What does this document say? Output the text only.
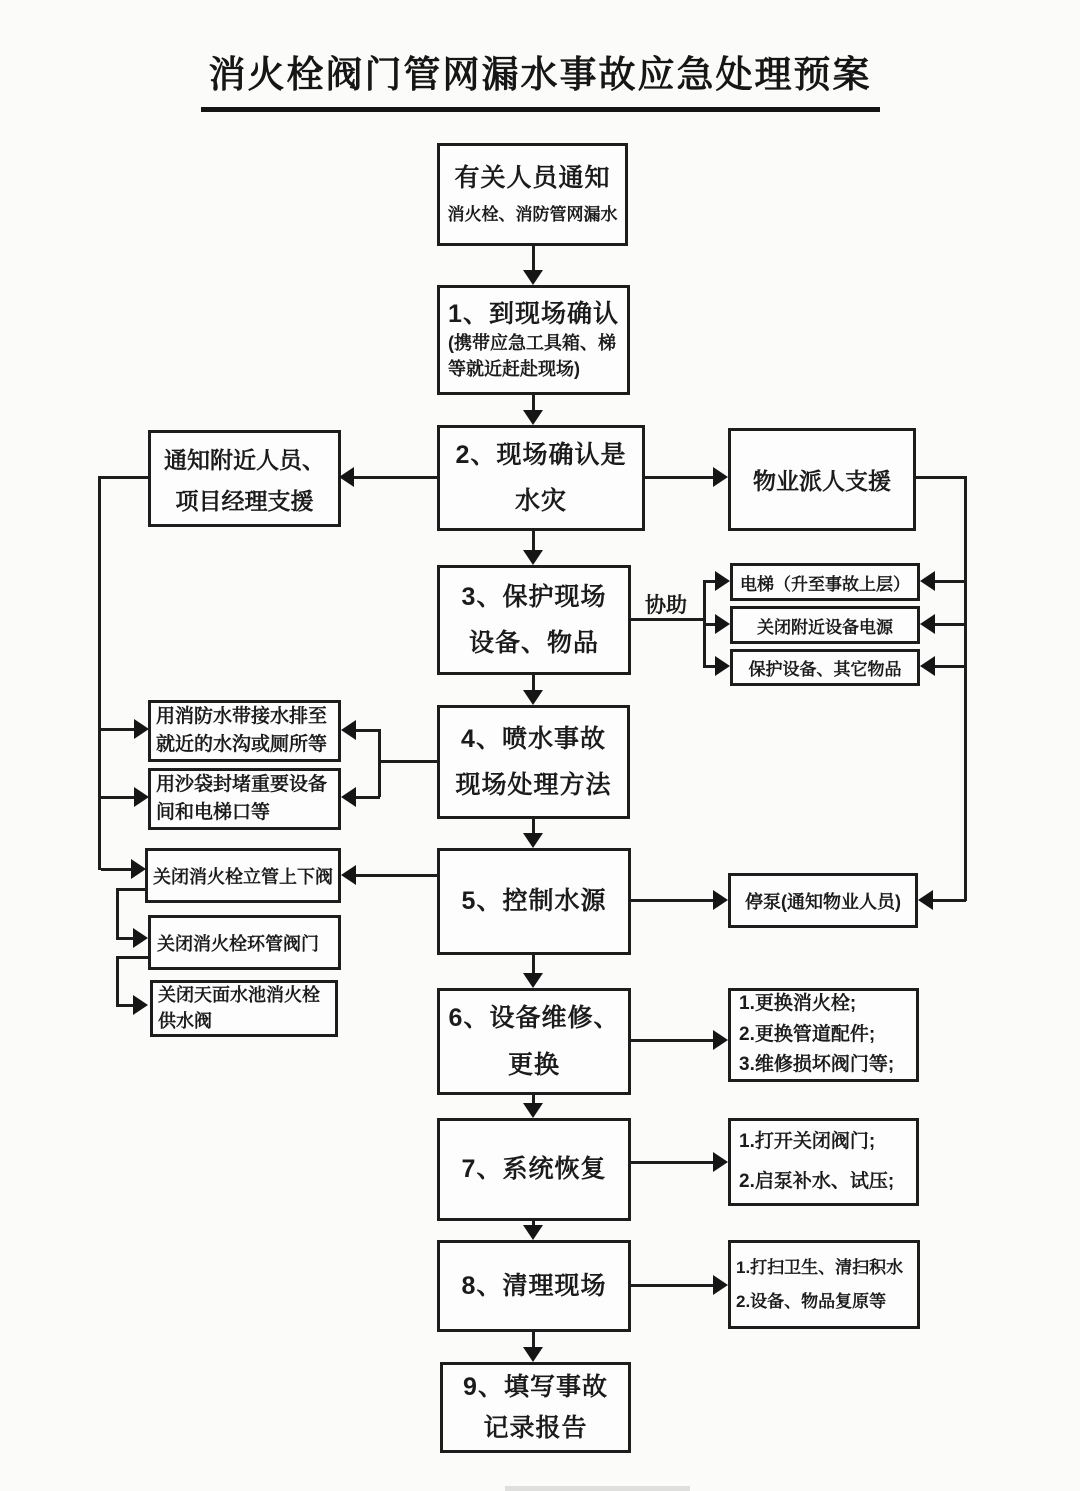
消火栓阀门管网漏水事故应急处理预案
有关人员通知
消火栓、消防管网漏水
1、到现场确认
(携带应急工具箱、梯等就近赶赴现场)
2、现场确认是
水灾
3、保护现场
设备、物品
4、喷水事故
现场处理方法
5、控制水源
6、设备维修、
更换
7、系统恢复
8、清理现场
9、填写事故
记录报告
通知附近人员、
项目经理支援
用消防水带接水排至就近的水沟或厕所等
用沙袋封堵重要设备间和电梯口等
关闭消火栓立管上下阀
关闭消火栓环管阀门
关闭天面水池消火栓供水阀
物业派人支援
电梯（升至事故上层）
关闭附近设备电源
保护设备、其它物品
停泵(通知物业人员)
1.更换消火栓;
2.更换管道配件;
3.维修损坏阀门等;
1.打开关闭阀门;
2.启泵补水、试压;
1.打扫卫生、清扫积水
2.设备、物品复原等
协助
